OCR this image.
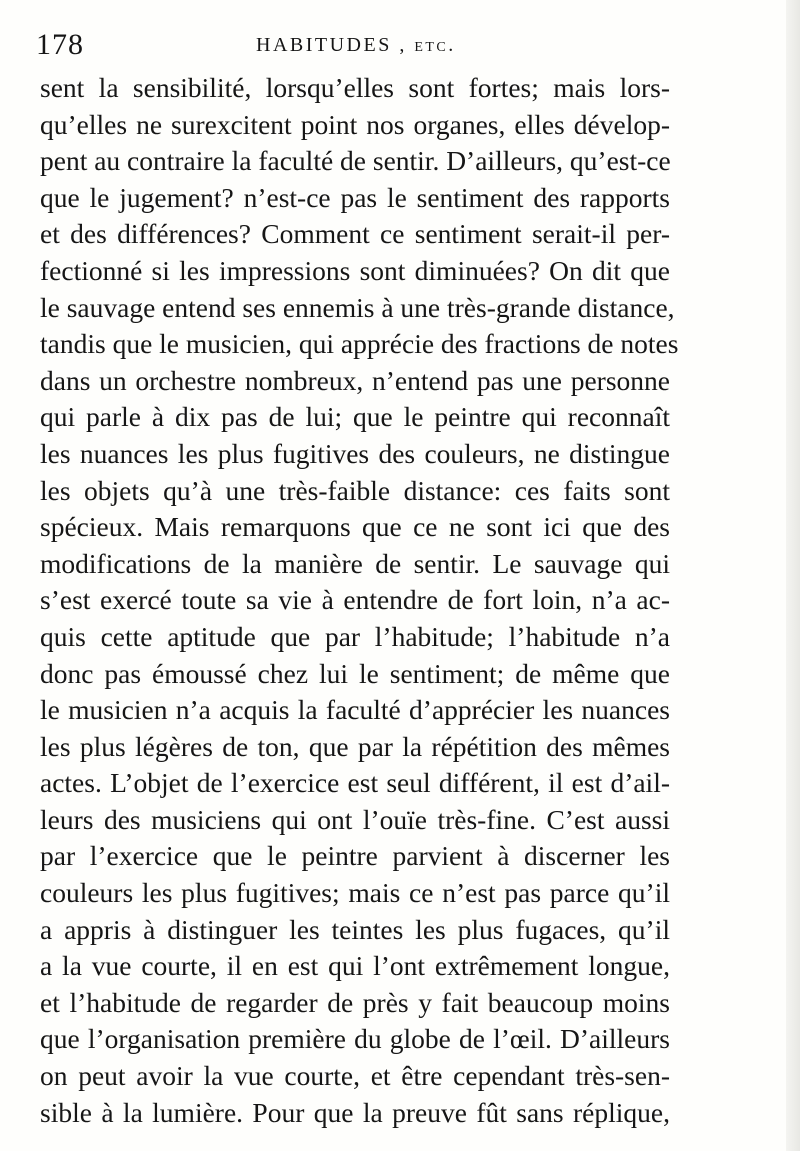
178	HABITUDES , etc.
sent la sensibilité, lorsqu’elles sont fortes; mais lors-
qu’elles ne surexcitent point nos organes, elles dévelop-
pent au contraire la faculté de sentir. D’ailleurs, qu’est-ce
que le jugement? n’est-ce pas le sentiment des rapports
et des différences? Comment ce sentiment serait-il per-
fectionné si les impressions sont diminuées? On dit que
le sauvage entend ses ennemis à une très-grande distance,
tandis que le musicien, qui apprécie des fractions de notes
dans un orchestre nombreux, n’entend pas une personne
qui parle à dix pas de lui; que le peintre qui reconnaît
les nuances les plus fugitives des couleurs, ne distingue
les objets qu’à une très-faible distance: ces faits sont
spécieux. Mais remarquons que ce ne sont ici que des
modifications de la manière de sentir. Le sauvage qui
s’est exercé toute sa vie à entendre de fort loin, n’a ac-
quis cette aptitude que par l’habitude; l’habitude n’a
donc pas émoussé chez lui le sentiment; de même que
le musicien n’a acquis la faculté d’apprécier les nuances
les plus légères de ton, que par la répétition des mêmes
actes. L’objet de l’exercice est seul différent, il est d’ail-
leurs des musiciens qui ont l’ouïe très-fine. C’est aussi
par l’exercice que le peintre parvient à discerner les
couleurs les plus fugitives; mais ce n’est pas parce qu’il
a appris à distinguer les teintes les plus fugaces, qu’il
a la vue courte, il en est qui l’ont extrêmement longue,
et l’habitude de regarder de près y fait beaucoup moins
que l’organisation première du globe de l’œil. D’ailleurs
on peut avoir la vue courte, et être cependant très-sen-
sible à la lumière. Pour que la preuve fût sans réplique,
